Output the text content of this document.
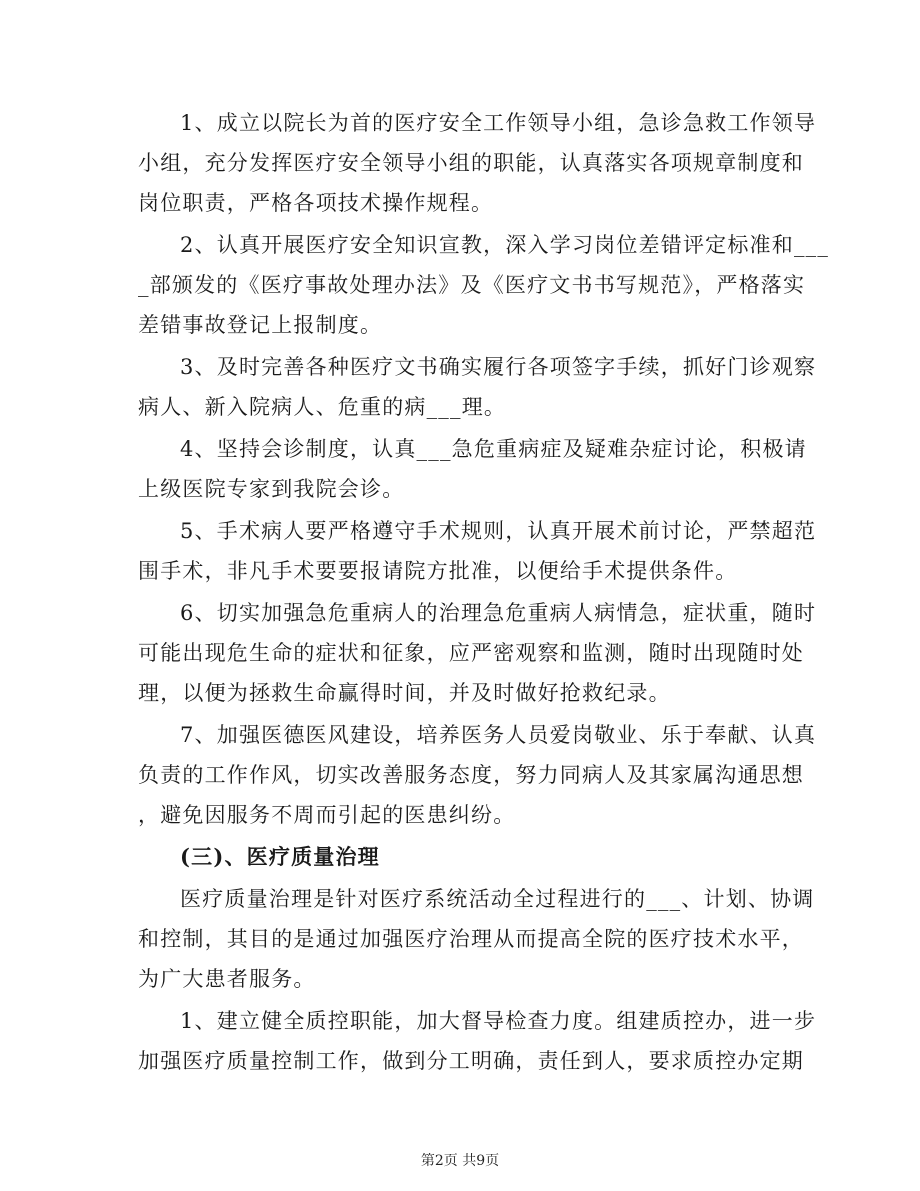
1、成立以院长为首的医疗安全工作领导小组，急诊急救工作领导
小组，充分发挥医疗安全领导小组的职能，认真落实各项规章制度和
岗位职责，严格各项技术操作规程。
2、认真开展医疗安全知识宣教，深入学习岗位差错评定标准和___
_部颁发的《医疗事故处理办法》及《医疗文书书写规范》，严格落实
差错事故登记上报制度。
3、及时完善各种医疗文书确实履行各项签字手续，抓好门诊观察
病人、新入院病人、危重的病___理。
4、坚持会诊制度，认真___急危重病症及疑难杂症讨论，积极请
上级医院专家到我院会诊。
5、手术病人要严格遵守手术规则，认真开展术前讨论，严禁超范
围手术，非凡手术要要报请院方批准，以便给手术提供条件。
6、切实加强急危重病人的治理急危重病人病情急，症状重，随时
可能出现危生命的症状和征象，应严密观察和监测，随时出现随时处
理，以便为拯救生命赢得时间，并及时做好抢救纪录。
7、加强医德医风建设，培养医务人员爱岗敬业、乐于奉献、认真
负责的工作作风，切实改善服务态度，努力同病人及其家属沟通思想
，避免因服务不周而引起的医患纠纷。
(三)、医疗质量治理
医疗质量治理是针对医疗系统活动全过程进行的___、计划、协调
和控制，其目的是通过加强医疗治理从而提高全院的医疗技术水平，
为广大患者服务。
1、建立健全质控职能，加大督导检查力度。组建质控办，进一步
加强医疗质量控制工作，做到分工明确，责任到人，要求质控办定期
第2页 共9页
